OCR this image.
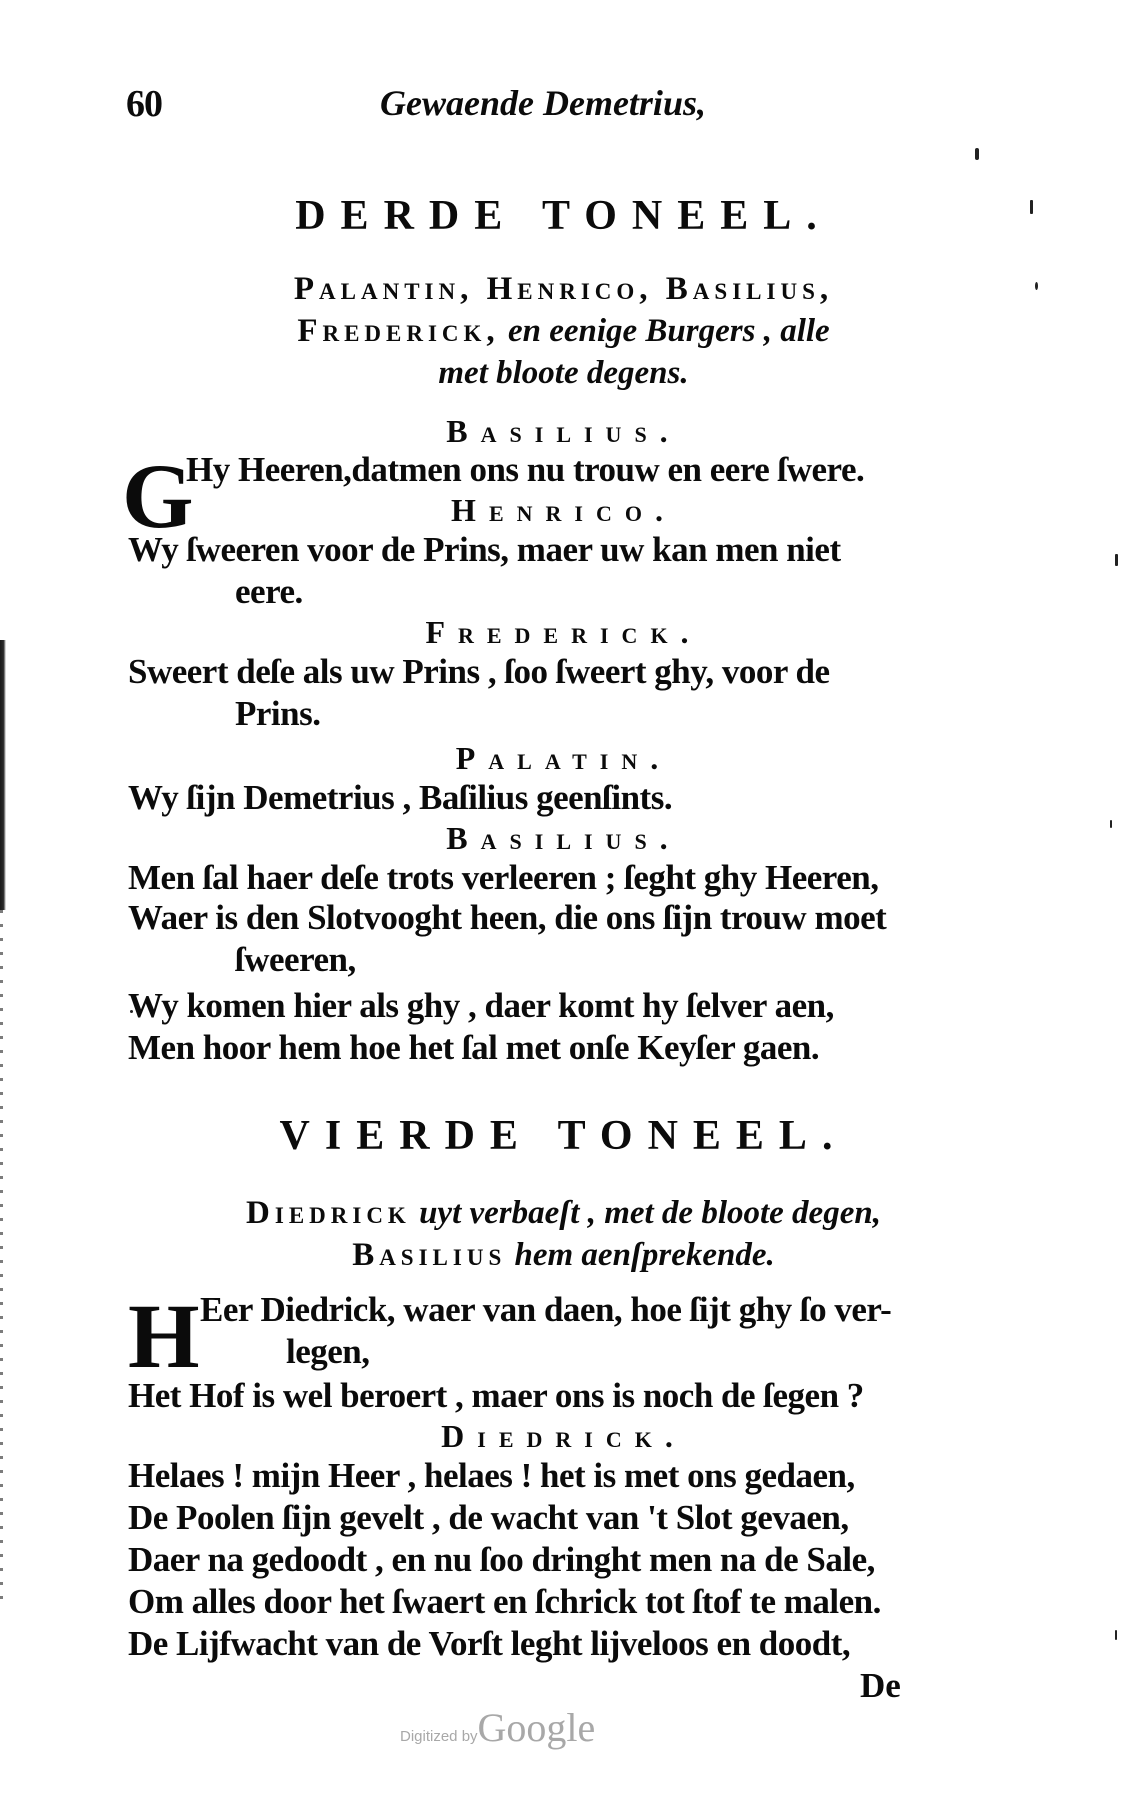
60	Gewaende Demetrius,
DERDE TONEEL.
Palantin, Henrico, Basilius,
Frederick, en eenige Burgers , alle
met bloote degens.
Basilius.
G
Hy Heeren,datmen ons nu trouw en eere ſwere.
Henrico.
Wy ſweeren voor de Prins, maer uw kan men niet
eere.
Frederick.
Sweert deſe als uw Prins , ſoo ſweert ghy, voor de
Prins.
Palatin.
Wy ſijn Demetrius , Baſilius geenſints.
Basilius.
Men ſal haer deſe trots verleeren ; ſeght ghy Heeren,
Waer is den Slotvooght heen, die ons ſijn trouw moet
ſweeren,
Wy komen hier als ghy , daer komt hy ſelver aen,
Men hoor hem hoe het ſal met onſe Keyſer gaen.
VIERDE TONEEL.
Diedrick uyt verbaeſt , met de bloote degen,
Basilius hem aenſprekende.
H Eer Diedrick, waer van daen, hoe ſijt ghy ſo ver-
legen,
Het Hof is wel beroert , maer ons is noch de ſegen ?
Diedrick.
Helaes ! mijn Heer , helaes ! het is met ons gedaen,
De Poolen ſijn gevelt , de wacht van 't Slot gevaen,
Daer na gedoodt , en nu ſoo dringht men na de Sale,
Om alles door het ſwaert en ſchrick tot ſtof te malen.
De Lijfwacht van de Vorſt leght lijveloos en doodt,
De
Digitized byGoogle
